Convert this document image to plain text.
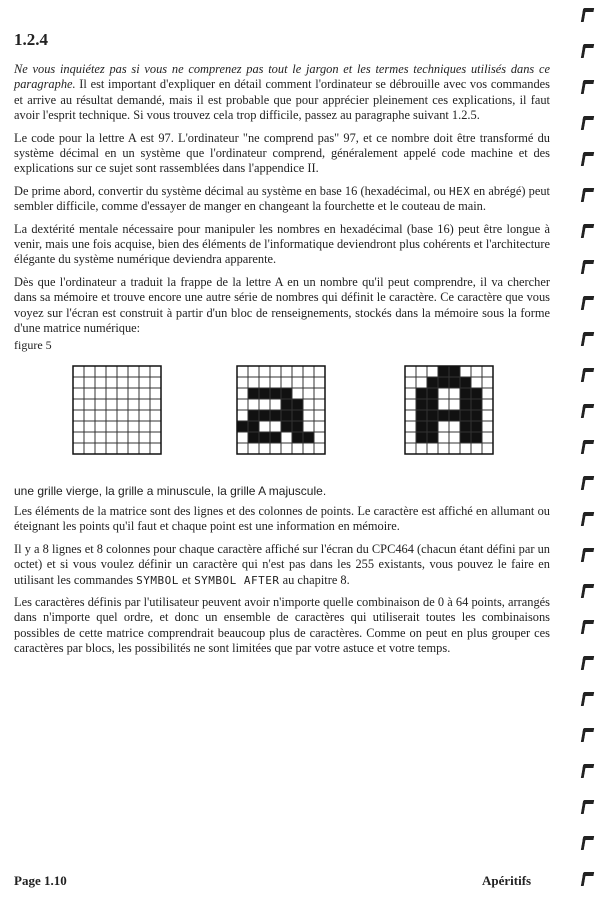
1.2.4

Ne vous inquiétez pas si vous ne comprenez pas tout le jargon et les termes techniques utilisés dans ce paragraphe. Il est important d'expliquer en détail comment l'ordinateur se débrouille avec vos commandes et arrive au résultat demandé, mais il est probable que pour apprécier pleinement ces explications, il faut avoir l'esprit technique. Si vous trouvez cela trop difficile, passez au paragraphe suivant 1.2.5.

Le code pour la lettre A est 97. L'ordinateur "ne comprend pas" 97, et ce nombre doit être transformé du système décimal en un système que l'ordinateur comprend, généralement appelé code machine et des explications sur ce sujet sont rassemblées dans l'appendice II.

De prime abord, convertir du système décimal au système en base 16 (hexadécimal, ou HEX en abrégé) peut sembler difficile, comme d'essayer de manger en changeant la fourchette et le couteau de main.

La dextérité mentale nécessaire pour manipuler les nombres en hexadécimal (base 16) peut être longue à venir, mais une fois acquise, bien des éléments de l'informatique deviendront plus cohérents et l'architecture élégante du système numérique deviendra apparente.

Dès que l'ordinateur a traduit la frappe de la lettre A en un nombre qu'il peut comprendre, il va chercher dans sa mémoire et trouve encore une autre série de nombres qui définit le caractère. Ce caractère que vous voyez sur l'écran est construit à partir d'un bloc de renseignements, stockés dans la mémoire sous la forme d'une matrice numérique:

figure 5

une grille vierge, la grille a minuscule, la grille A majuscule.

Les éléments de la matrice sont des lignes et des colonnes de points. Le caractère est affiché en allumant ou éteignant les points qu'il faut et chaque point est une information en mémoire.

Il y a 8 lignes et 8 colonnes pour chaque caractère affiché sur l'écran du CPC464 (chacun étant défini par un octet) et si vous voulez définir un caractère qui n'est pas dans les 255 existants, vous pouvez le faire en utilisant les commandes SYMBOL et SYMBOL AFTER au chapitre 8.

Les caractères définis par l'utilisateur peuvent avoir n'importe quelle combinaison de 0 à 64 points, arrangés dans n'importe quel ordre, et donc un ensemble de caractères qui utiliserait toutes les combinaisons possibles de cette matrice comprendrait beaucoup plus de caractères. Comme on peut en plus grouper ces caractères par blocs, les possibilités ne sont limitées que par votre astuce et votre temps.

Page 1.10	Apéritifs
